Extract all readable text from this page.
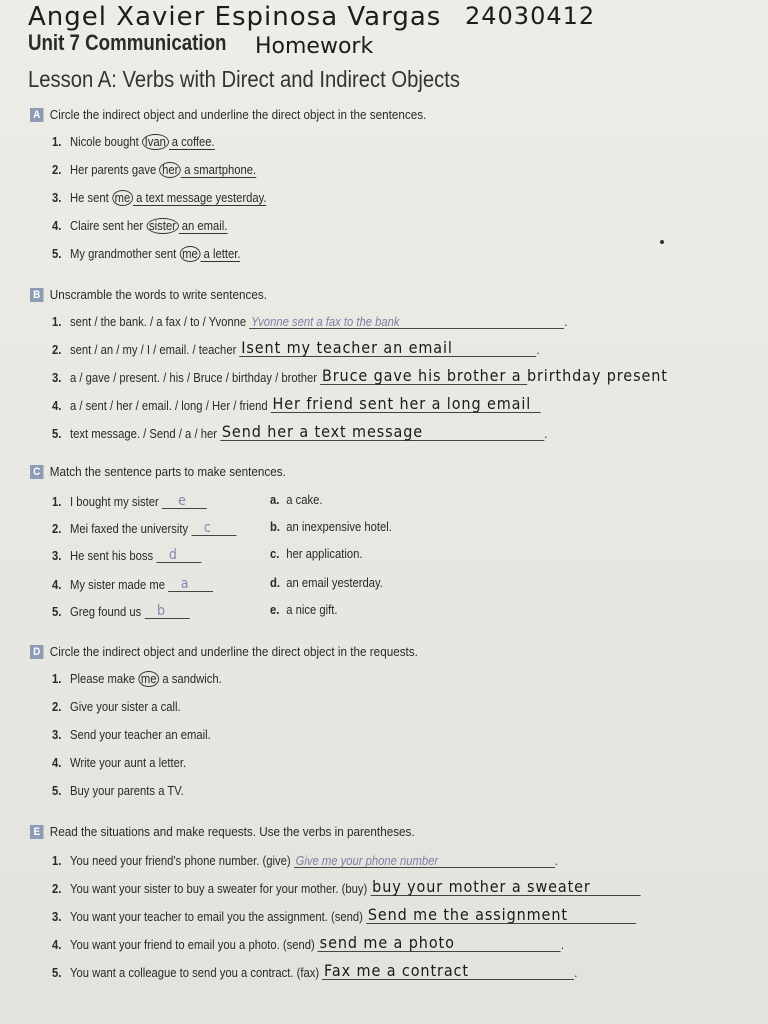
Angel Xavier Espinosa Vargas 24030412
Unit 7 Communication Homework
Lesson A: Verbs with Direct and Indirect Objects
A Circle the indirect object and underline the direct object in the sentences.
1. Nicole bought Ivan a coffee.
2. Her parents gave her a smartphone.
3. He sent me a text message yesterday.
4. Claire sent her sister an email.
5. My grandmother sent me a letter.
B Unscramble the words to write sentences.
1. sent / the bank. / a fax / to / Yvonne Yvonne sent a fax to the bank	.
2. sent / an / my / I / email. / teacher Isent my teacher an email	.
3. a / gave / present. / his / Bruce / birthday / brother Bruce gave his brother a brirthday present
4. a / sent / her / email. / long / Her / friend Her friend sent her a long email
5. text message. / Send / a / her Send her a text message	.
C Match the sentence parts to make sentences.
1. I bought my sister e
2. Mei faxed the university c
3. He sent his boss d
4. My sister made me a
5. Greg found us b
a. a cake.
b. an inexpensive hotel.
c. her application.
d. an email yesterday.
e. a nice gift.
D Circle the indirect object and underline the direct object in the requests.
1. Please make me a sandwich.
2. Give your sister a call.
3. Send your teacher an email.
4. Write your aunt a letter.
5. Buy your parents a TV.
E Read the situations and make requests. Use the verbs in parentheses.
1. You need your friend's phone number. (give) Give me your phone number	.
2. You want your sister to buy a sweater for your mother. (buy) buy your mother a sweater
3. You want your teacher to email you the assignment. (send) Send me the assignment
4. You want your friend to email you a photo. (send) send me a photo	.
5. You want a colleague to send you a contract. (fax) Fax me a contract	.
